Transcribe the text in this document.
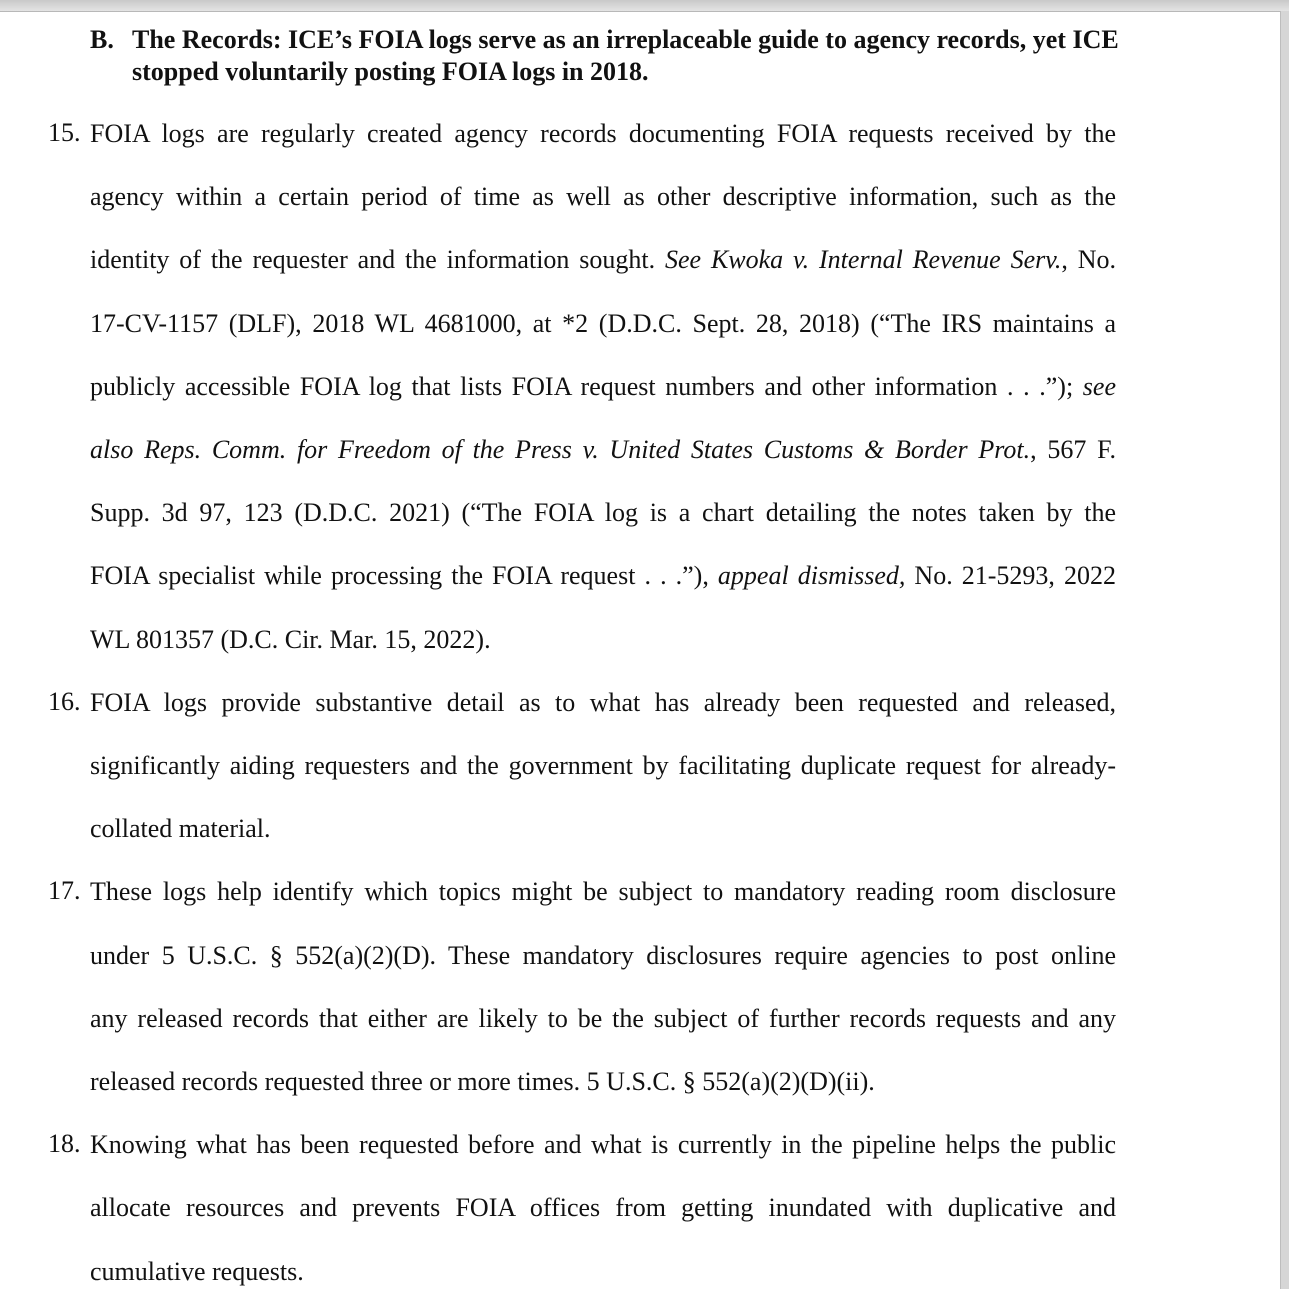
B. The Records: ICE’s FOIA logs serve as an irreplaceable guide to agency records, yet ICE stopped voluntarily posting FOIA logs in 2018.
15. FOIA logs are regularly created agency records documenting FOIA requests received by the
agency within a certain period of time as well as other descriptive information, such as the
identity of the requester and the information sought. See Kwoka v. Internal Revenue Serv., No.
17-CV-1157 (DLF), 2018 WL 4681000, at *2 (D.D.C. Sept. 28, 2018) (“The IRS maintains a
publicly accessible FOIA log that lists FOIA request numbers and other information . . .”); see
also Reps. Comm. for Freedom of the Press v. United States Customs & Border Prot., 567 F.
Supp. 3d 97, 123 (D.D.C. 2021) (“The FOIA log is a chart detailing the notes taken by the
FOIA specialist while processing the FOIA request . . .”), appeal dismissed, No. 21-5293, 2022
WL 801357 (D.C. Cir. Mar. 15, 2022).
16. FOIA logs provide substantive detail as to what has already been requested and released,
significantly aiding requesters and the government by facilitating duplicate request for already-
collated material.
17. These logs help identify which topics might be subject to mandatory reading room disclosure
under 5 U.S.C. § 552(a)(2)(D). These mandatory disclosures require agencies to post online
any released records that either are likely to be the subject of further records requests and any
released records requested three or more times. 5 U.S.C. § 552(a)(2)(D)(ii).
18. Knowing what has been requested before and what is currently in the pipeline helps the public
allocate resources and prevents FOIA offices from getting inundated with duplicative and
cumulative requests.
